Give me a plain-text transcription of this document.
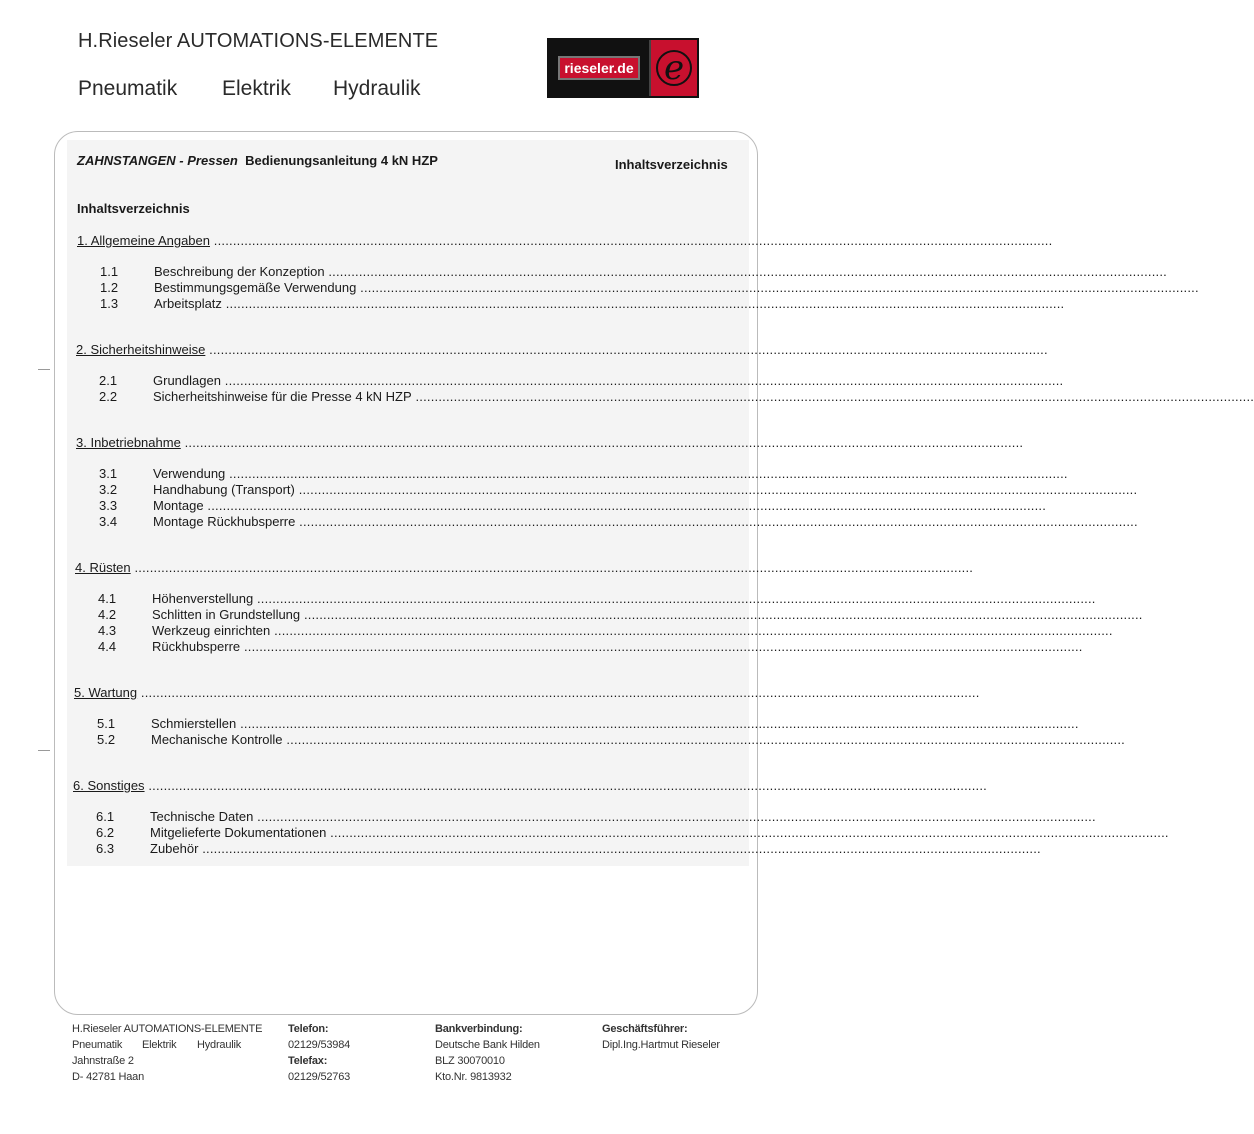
H.Rieseler AUTOMATIONS-ELEMENTE
Pneumatik Elektrik Hydraulik
rieseler.de e
ZAHNSTANGEN - Pressen Bedienungsanleitung 4 kN HZP	Inhaltsverzeichnis
Inhaltsverzeichnis
1. Allgemeine Angaben ............................................................................................................................................................................................................................
1.1	Beschreibung der Konzeption ............................................................................................................................................................................................................................
1.2	Bestimmungsgemäße Verwendung ............................................................................................................................................................................................................................
1.3	Arbeitsplatz ............................................................................................................................................................................................................................
2. Sicherheitshinweise ............................................................................................................................................................................................................................
2.1	Grundlagen ............................................................................................................................................................................................................................
2.2	Sicherheitshinweise für die Presse 4 kN HZP ............................................................................................................................................................................................................................
3. Inbetriebnahme ............................................................................................................................................................................................................................
3.1	Verwendung ............................................................................................................................................................................................................................
3.2	Handhabung (Transport) ............................................................................................................................................................................................................................
3.3	Montage ............................................................................................................................................................................................................................
3.4	Montage Rückhubsperre ............................................................................................................................................................................................................................
4. Rüsten ............................................................................................................................................................................................................................
4.1	Höhenverstellung ............................................................................................................................................................................................................................
4.2	Schlitten in Grundstellung ............................................................................................................................................................................................................................
4.3	Werkzeug einrichten ............................................................................................................................................................................................................................
4.4	Rückhubsperre ............................................................................................................................................................................................................................
5. Wartung ............................................................................................................................................................................................................................
5.1	Schmierstellen ............................................................................................................................................................................................................................
5.2	Mechanische Kontrolle ............................................................................................................................................................................................................................
6. Sonstiges ............................................................................................................................................................................................................................
6.1	Technische Daten ............................................................................................................................................................................................................................
6.2	Mitgelieferte Dokumentationen ............................................................................................................................................................................................................................
6.3	Zubehör ............................................................................................................................................................................................................................
H.Rieseler AUTOMATIONS-ELEMENTE
Pneumatik Elektrik Hydraulik
Jahnstraße 2
D- 42781 Haan
Telefon:
02129/53984
Telefax:
02129/52763
Bankverbindung:
Deutsche Bank Hilden
BLZ 30070010
Kto.Nr. 9813932
Geschäftsführer:
Dipl.Ing.Hartmut Rieseler
